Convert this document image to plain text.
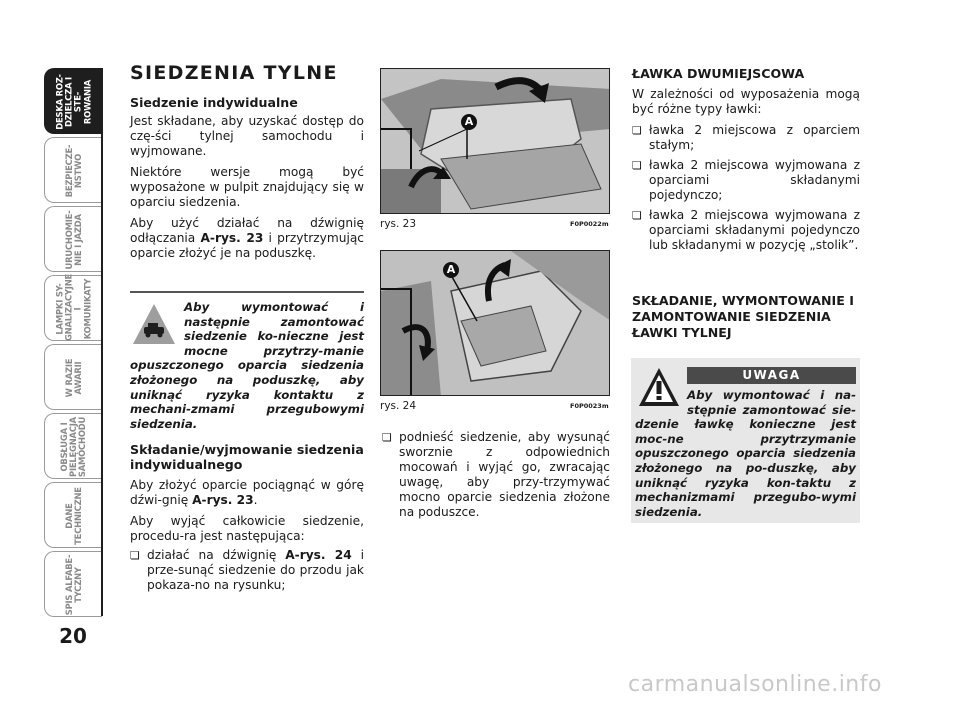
DESKA ROZ-
DZIELCZA I STE-
ROWANIA
BEZPIECZE-
ŃSTWO
URUCHOMIE-
NIE I JAZDA
LAMPKI SY-
GNALIZACYJNE
I KOMUNIKATY
W RAZIE
AWARII
OBSŁUGA I
PIELĘGNACJA
SAMOCHODU
DANE
TECHNICZNE
SPIS ALFABE-
TYCZNY
20
SIEDZENIA TYLNE

Siedzenie indywidualne

Jest składane, aby uzyskać dostęp do czę-ści tylnej samochodu i wyjmowane.

Niektóre wersje mogą być wyposażone w pulpit znajdujący się w oparciu siedzenia.

Aby użyć działać na dźwignię odłączania A-rys. 23 i przytrzymując oparcie złożyć je na poduszkę.

Aby wymontować i następnie zamontować siedzenie ko-nieczne jest mocne przytrzy-manie opuszczonego oparcia siedzenia złożonego na poduszkę, aby uniknąć ryzyka kontaktu z mechani-zmami przegubowymi siedzenia.

Składanie/wyjmowanie siedzenia indywidualnego

Aby złożyć oparcie pociągnąć w górę dźwi-gnię A-rys. 23.

Aby wyjąć całkowicie siedzenie, procedu-ra jest następująca:

❏ działać na dźwignię A-rys. 24 i prze-sunąć siedzenie do przodu jak pokaza-no na rysunku;

A
rys. 23	F0P0022m
A
rys. 24	F0P0023m

❏ podnieść siedzenie, aby wysunąć sworznie z odpowiednich mocowań i wyjąć go, zwracając uwagę, aby przy-trzymywać mocno oparcie siedzenia złożone na poduszce.

ŁAWKA DWUMIEJSCOWA

W zależności od wyposażenia mogą być różne typy ławki:

❏ ławka 2 miejscowa z oparciem stałym;

❏ ławka 2 miejscowa wyjmowana z oparciami składanymi pojedynczo;

❏ ławka 2 miejscowa wyjmowana z oparciami składanymi pojedynczo lub składanymi w pozycję „stolik”.

SKŁADANIE, WYMONTOWANIE I ZAMONTOWANIE SIEDZENIA ŁAWKI TYLNEJ

UWAGA
Aby wymontować i na-stępnie zamontować sie-dzenie ławkę konieczne jest moc-ne przytrzymanie opuszczonego oparcia siedzenia złożonego na po-duszkę, aby uniknąć ryzyka kon-taktu z mechanizmami przegubo-wymi siedzenia.
carmanualsonline.info
